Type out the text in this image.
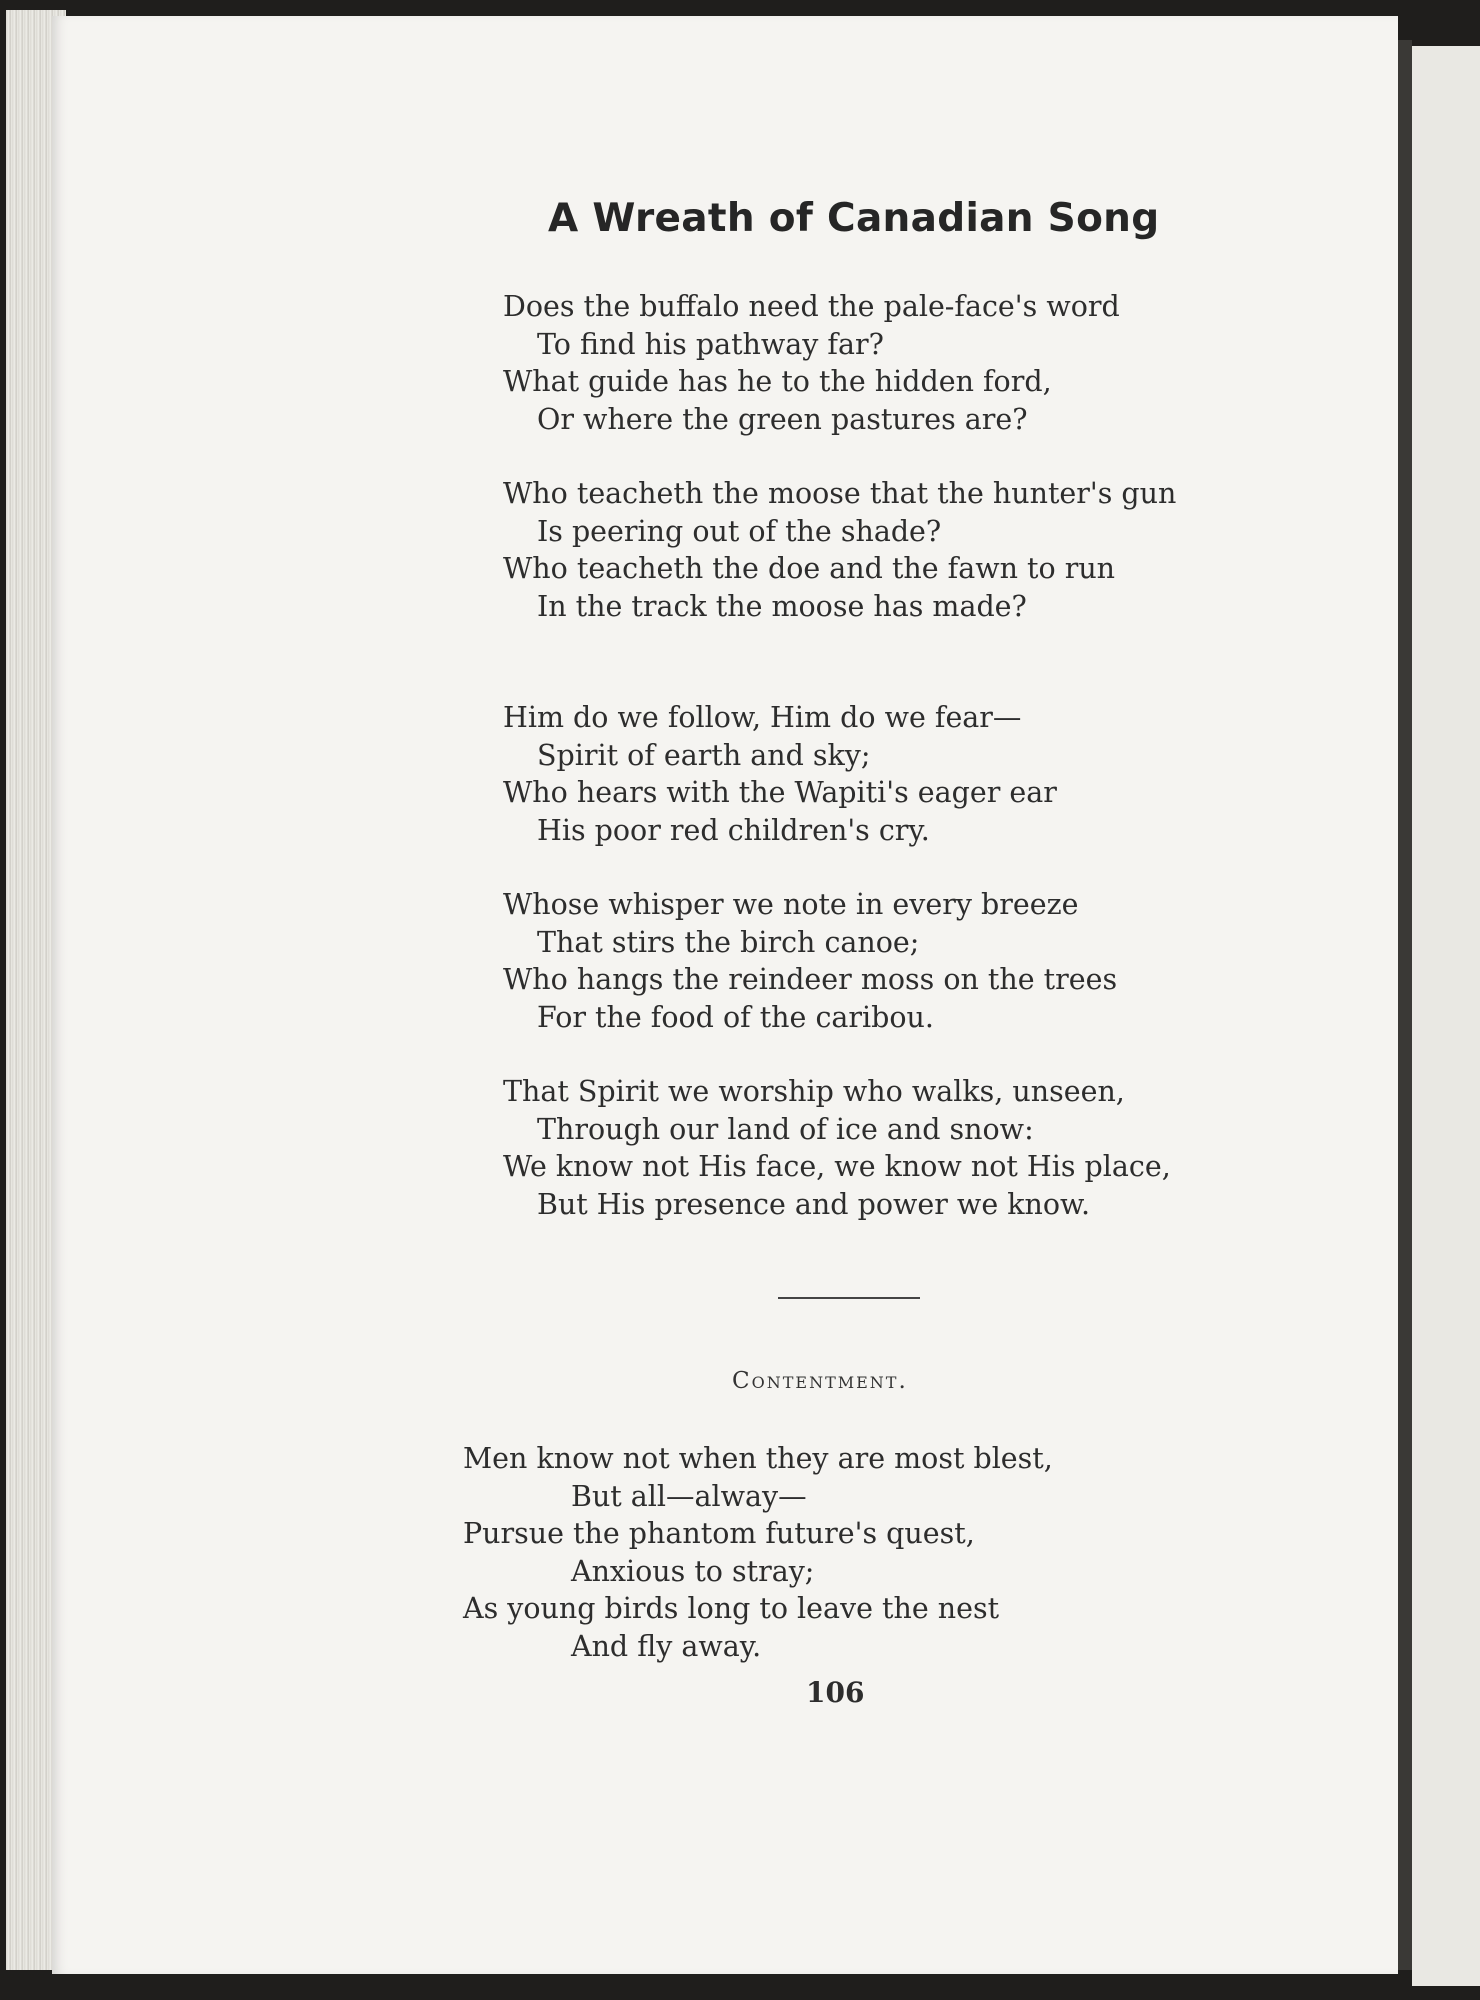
A Wreath of Canadian Song
Does the buffalo need the pale-face's word
To find his pathway far?
What guide has he to the hidden ford,
Or where the green pastures are?
Who teacheth the moose that the hunter's gun
Is peering out of the shade?
Who teacheth the doe and the fawn to run
In the track the moose has made?
Him do we follow, Him do we fear—
Spirit of earth and sky;
Who hears with the Wapiti's eager ear
His poor red children's cry.
Whose whisper we note in every breeze
That stirs the birch canoe;
Who hangs the reindeer moss on the trees
For the food of the caribou.
That Spirit we worship who walks, unseen,
Through our land of ice and snow:
We know not His face, we know not His place,
But His presence and power we know.
Contentment.
Men know not when they are most blest,
But all—alway—
Pursue the phantom future's quest,
Anxious to stray;
As young birds long to leave the nest
And fly away.
106
